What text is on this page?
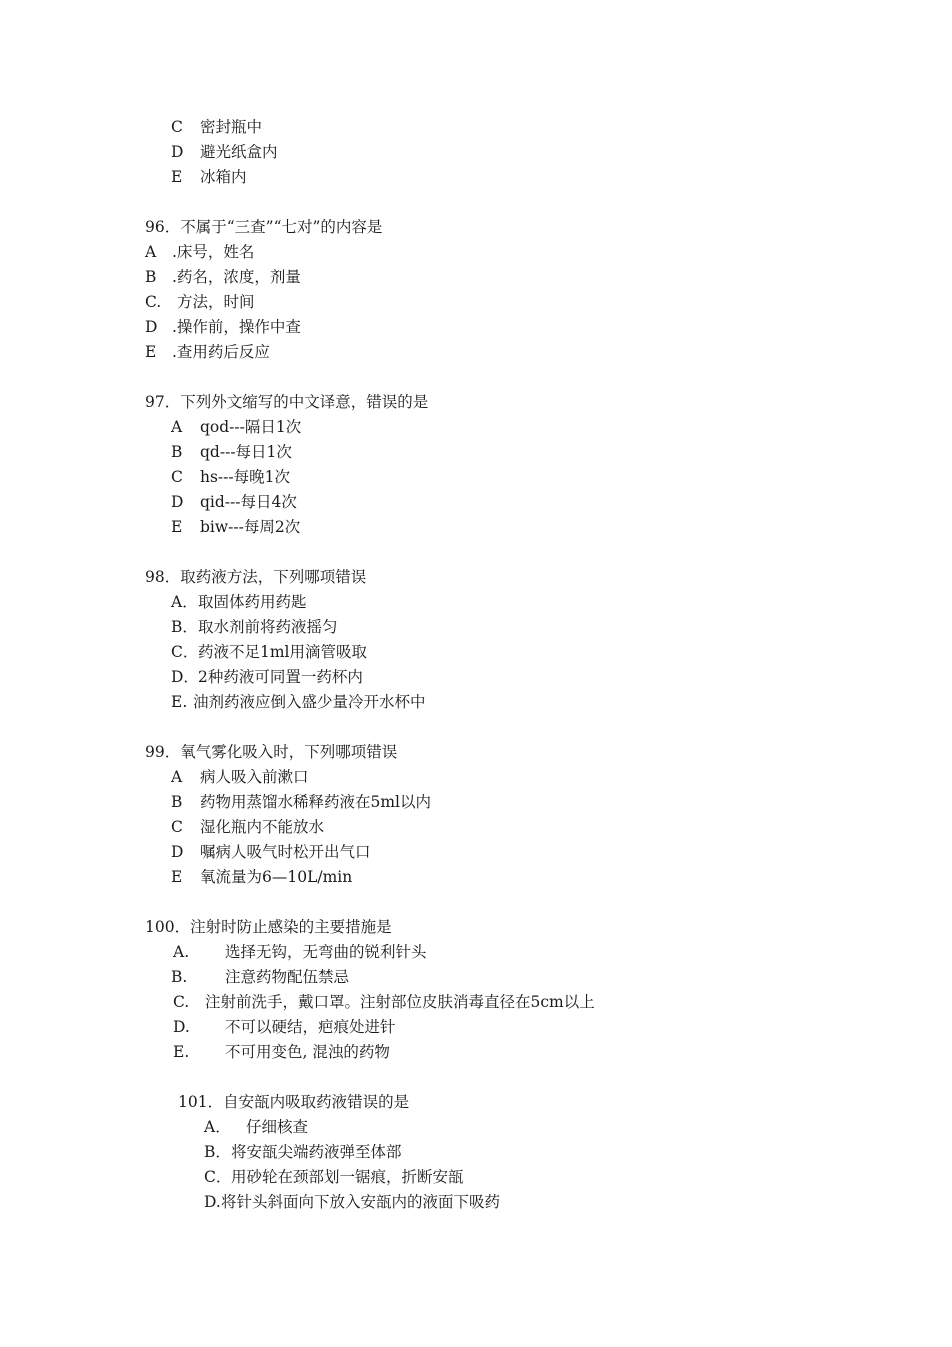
C 密封瓶中
D 避光纸盒内
E 冰箱内
96．不属于“三查”“七对”的内容是
A .床号，姓名
B .药名，浓度，剂量
C. 方法，时间
D .操作前，操作中查
E .查用药后反应
97．下列外文缩写的中文译意，错误的是
A qod---隔日1次
B qd---每日1次
C hs---每晚1次
D qid---每日4次
E biw---每周2次
98．取药液方法，下列哪项错误
A．取固体药用药匙
B．取水剂前将药液摇匀
C．药液不足1ml用滴管吸取
D．2种药液可同置一药杯内
E. 油剂药液应倒入盛少量冷开水杯中
99．氧气雾化吸入时，下列哪项错误
A 病人吸入前漱口
B 药物用蒸馏水稀释药液在5ml以内
C 湿化瓶内不能放水
D 嘱病人吸气时松开出气口
E 氧流量为6—10L/min
100．注射时防止感染的主要措施是
A. 选择无钩，无弯曲的锐利针头
B. 注意药物配伍禁忌
C. 注射前洗手，戴口罩。注射部位皮肤消毒直径在5cm以上
D. 不可以硬结，疤痕处进针
E. 不可用变色, 混浊的药物
101．自安瓿内吸取药液错误的是
A． 仔细核查
B．将安瓿尖端药液弹至体部
C．用砂轮在颈部划一锯痕，折断安瓿
D.将针头斜面向下放入安瓿内的液面下吸药
